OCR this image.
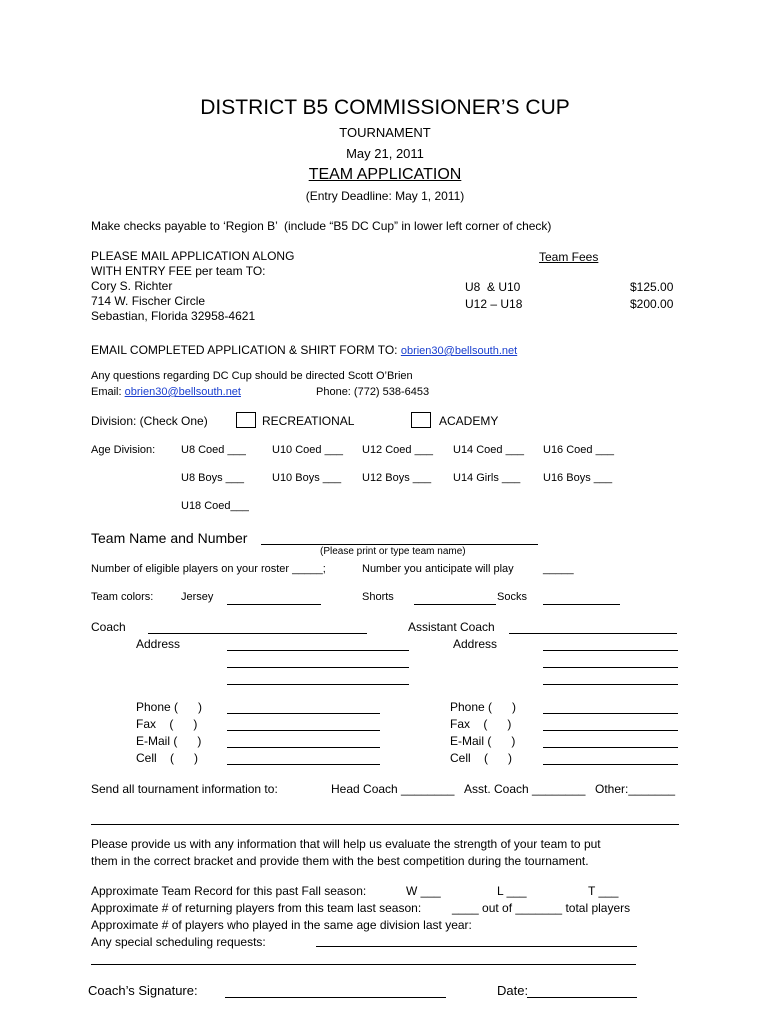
DISTRICT B5 COMMISSIONER’S CUP
TOURNAMENT
May 21, 2011
TEAM APPLICATION
(Entry Deadline: May 1, 2011)
Make checks payable to ‘Region B’  (include “B5 DC Cup” in lower left corner of check)
PLEASE MAIL APPLICATION ALONG
WITH ENTRY FEE per team TO:
Cory S. Richter
714 W. Fischer Circle
Sebastian, Florida 32958-4621
Team Fees
U8  & U10	$125.00
U12 – U18	$200.00
EMAIL COMPLETED APPLICATION & SHIRT FORM TO: obrien30@bellsouth.net
Any questions regarding DC Cup should be directed Scott O’Brien
Email: obrien30@bellsouth.net	Phone: (772) 538-6453
Division: (Check One)	RECREATIONAL	ACADEMY
Age Division: U8 Coed ___ U10 Coed ___ U12 Coed ___ U14 Coed ___ U16 Coed ___
U8 Boys ___	U10 Boys ___ U12 Boys ___ U14 Girls ___ U16 Boys ___
U18 Coed___
Team Name and Number
(Please print or type team name)
Number of eligible players on your roster _____;	Number you anticipate will play	_____
Team colors:	Jersey	Shorts	Socks
Coach
Address
Assistant Coach
Address
Phone (      )
Fax    (      )
E-Mail (      )
Cell    (      )
Phone (      )
Fax    (      )
E-Mail (      )
Cell    (      )
Send all tournament information to:	Head Coach ________ Asst. Coach ________ Other:_______
Please provide us with any information that will help us evaluate the strength of your team to put
them in the correct bracket and provide them with the best competition during the tournament.
Approximate Team Record for this past Fall season:	W ___	L ___	T ___
Approximate # of returning players from this team last season:	____ out of _______ total players
Approximate # of players who played in the same age division last year:
Any special scheduling requests:
Coach’s Signature:	Date:
